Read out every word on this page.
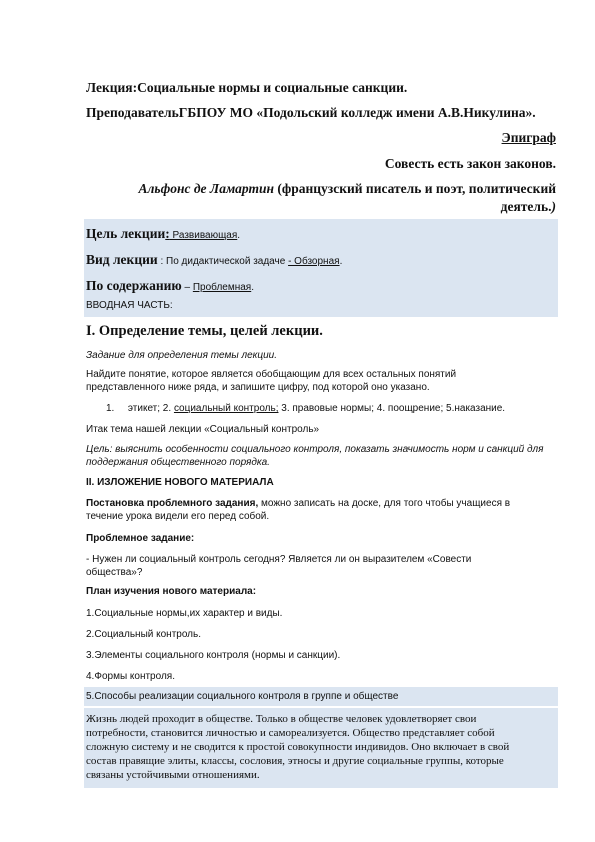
Лекция:Социальные нормы и социальные санкции.
ПреподавательГБПОУ МО «Подольский колледж имени А.В.Никулина».
Эпиграф
Совесть есть закон законов.
Альфонс де Ламартин (французский писатель и поэт, политический
деятель.)
Цель лекции: Развивающая.
Вид лекции : По дидактической задаче - Обзорная.
По содержанию – Проблемная.
ВВОДНАЯ ЧАСТЬ:
I. Определение темы, целей лекции.
Задание для определения темы лекции.
Найдите понятие, которое является обобщающим для всех остальных понятий
представленного ниже ряда, и запишите цифру, под которой оно указано.
1. этикет; 2. социальный контроль; 3. правовые нормы; 4. поощрение; 5.наказание.
Итак тема нашей лекции «Социальный контроль»
Цель: выяснить особенности социального контроля, показать значимость норм и санкций для
поддержания общественного порядка.
II. ИЗЛОЖЕНИЕ НОВОГО МАТЕРИАЛА
Постановка проблемного задания, можно записать на доске, для того чтобы учащиеся в
течение урока видели его перед собой.
Проблемное задание:
- Нужен ли социальный контроль сегодня? Является ли он выразителем «Совести
общества»?
План изучения нового материала:
1.Социальные нормы,их характер и виды.
2.Социальный контроль.
3.Элементы социального контроля (нормы и санкции).
4.Формы контроля.
5.Способы реализации социального контроля в группе и обществе
Жизнь людей проходит в обществе. Только в обществе человек удовлетворяет свои
потребности, становится личностью и самореализуется. Общество представляет собой
сложную систему и не сводится к простой совокупности индивидов. Оно включает в свой
состав правящие элиты, классы, сословия, этносы и другие социальные группы, которые
связаны устойчивыми отношениями.
